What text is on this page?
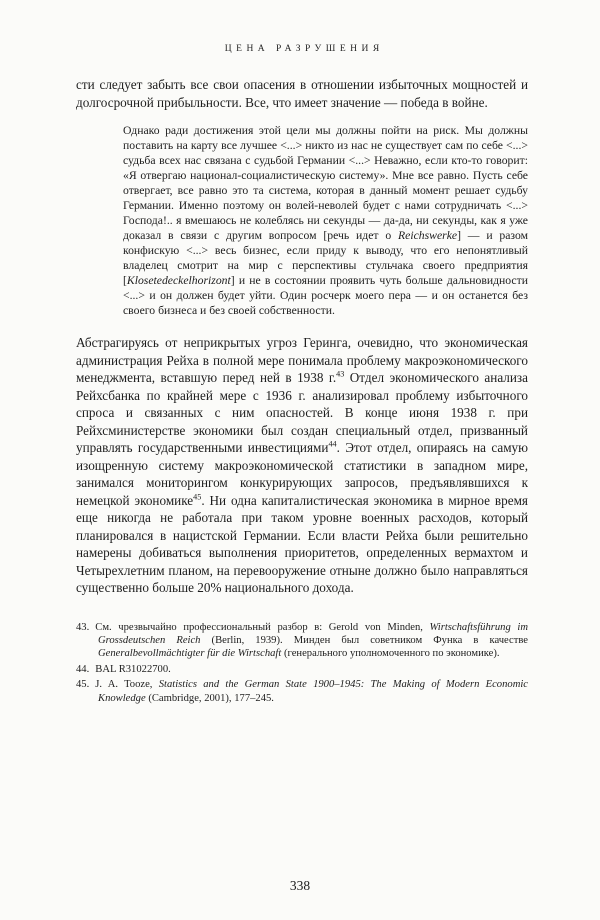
ЦЕНА РАЗРУШЕНИЯ

сти следует забыть все свои опасения в отношении избыточных мощностей и долгосрочной прибыльности. Все, что имеет значение — победа в войне.

Однако ради достижения этой цели мы должны пойти на риск. Мы должны поставить на карту все лучшее <...> никто из нас не существует сам по себе <...> судьба всех нас связана с судьбой Германии <...> Неважно, если кто-то говорит: «Я отвергаю национал-социалистическую систему». Мне все равно. Пусть себе отвергает, все равно это та система, которая в данный момент решает судьбу Германии. Именно поэтому он волей-неволей будет с нами сотрудничать <...> Господа!.. я вмешаюсь не колеблясь ни секунды — да-да, ни секунды, как я уже доказал в связи с другим вопросом [речь идет о Reichswerke] — и разом конфискую <...> весь бизнес, если приду к выводу, что его непонятливый владелец смотрит на мир с перспективы стульчака своего предприятия [Klosetedeckelhorizont] и не в состоянии проявить чуть больше дальновидности <...> и он должен будет уйти. Один росчерк моего пера — и он останется без своего бизнеса и без своей собственности.

Абстрагируясь от неприкрытых угроз Геринга, очевидно, что экономическая администрация Рейха в полной мере понимала проблему макроэкономического менеджмента, вставшую перед ней в 1938 г.$^{43}$ Отдел экономического анализа Рейхсбанка по крайней мере с 1936 г. анализировал проблему избыточного спроса и связанных с ним опасностей. В конце июня 1938 г. при Рейхсминистерстве экономики был создан специальный отдел, призванный управлять государственными инвестициями$^{44}$. Этот отдел, опираясь на самую изощренную систему макроэкономической статистики в западном мире, занимался мониторингом конкурирующих запросов, предъявлявшихся к немецкой экономике$^{45}$. Ни одна капиталистическая экономика в мирное время еще никогда не работала при таком уровне военных расходов, который планировался в нацистской Германии. Если власти Рейха были решительно намерены добиваться выполнения приоритетов, определенных вермахтом и Четырехлетним планом, на перевооружение отныне должно было направляться существенно больше 20% национального дохода.

43. См. чрезвычайно профессиональный разбор в: Gerold von Minden, Wirtschaftsführung im Grossdeutschen Reich (Berlin, 1939). Минден был советником Функа в качестве Generalbevollmächtigter für die Wirtschaft (генерального уполномоченного по экономике).

44. BAL R31022700.

45. J. A. Tooze, Statistics and the German State 1900–1945: The Making of Modern Economic Knowledge (Cambridge, 2001), 177–245.

338
